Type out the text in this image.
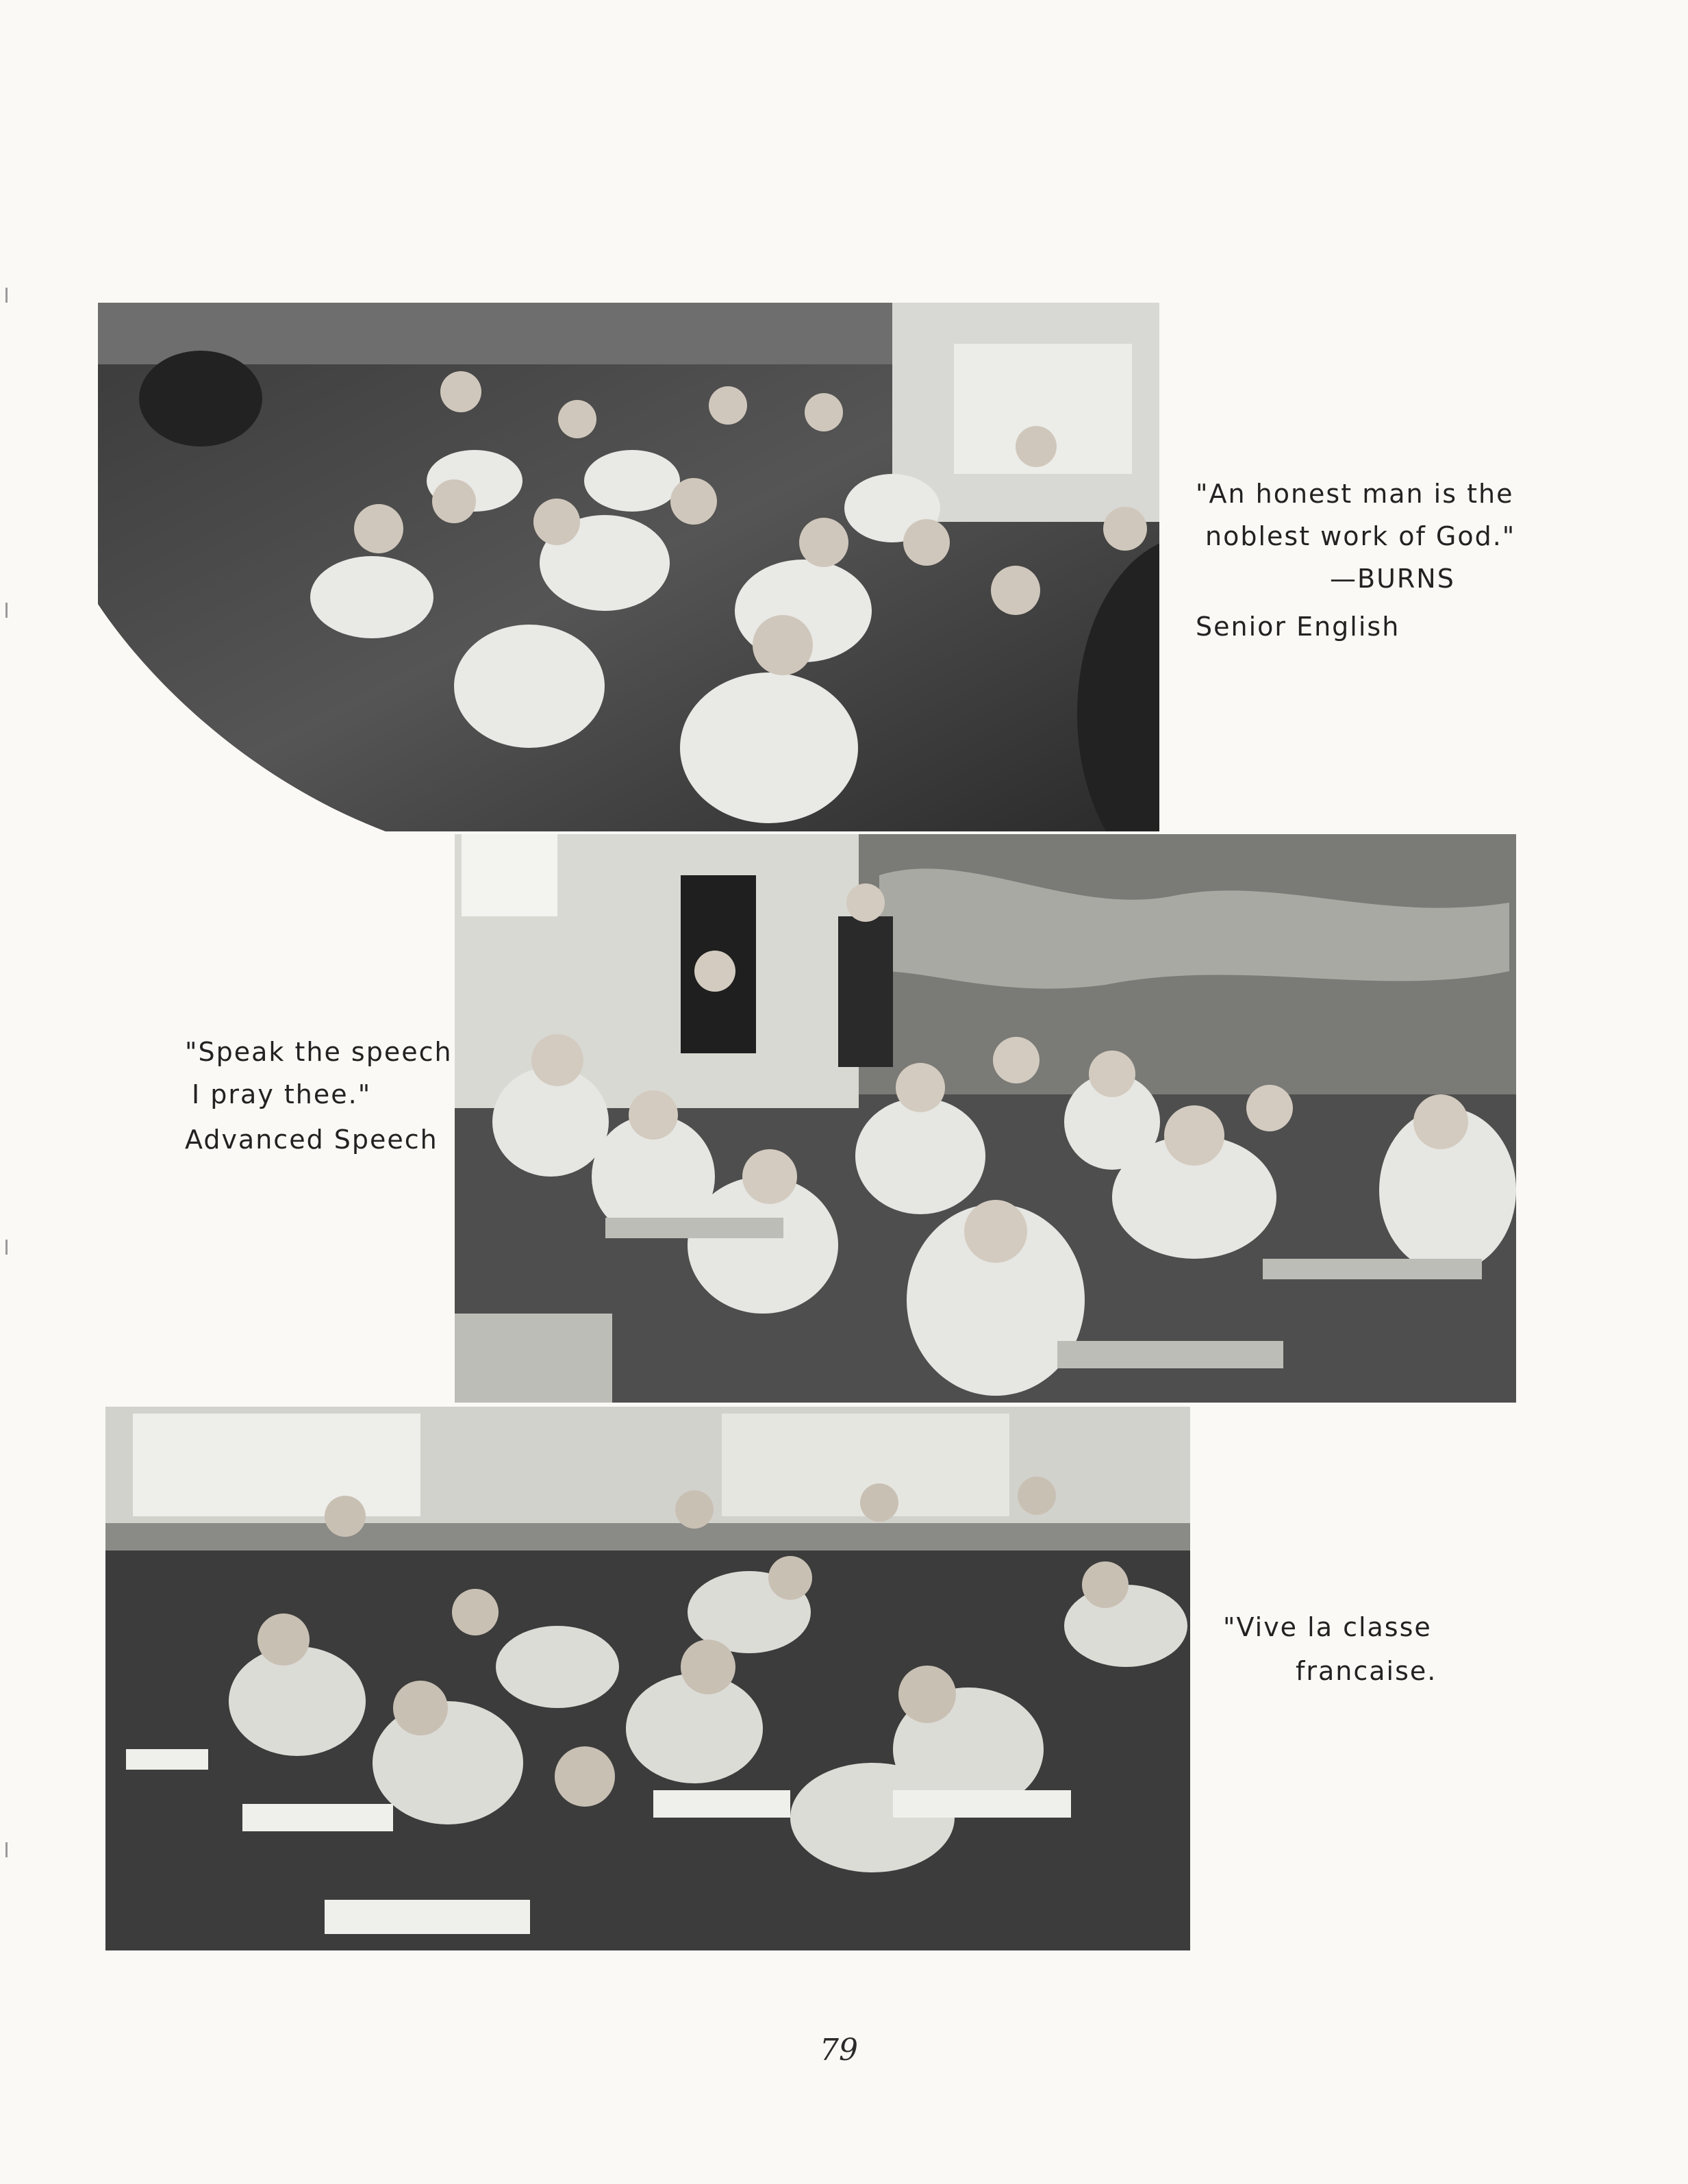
"An honest man is the
noblest work of God."
—BURNS
Senior English
"Speak the speech
I pray thee."
Advanced Speech
"Vive la classe
francaise.
79
